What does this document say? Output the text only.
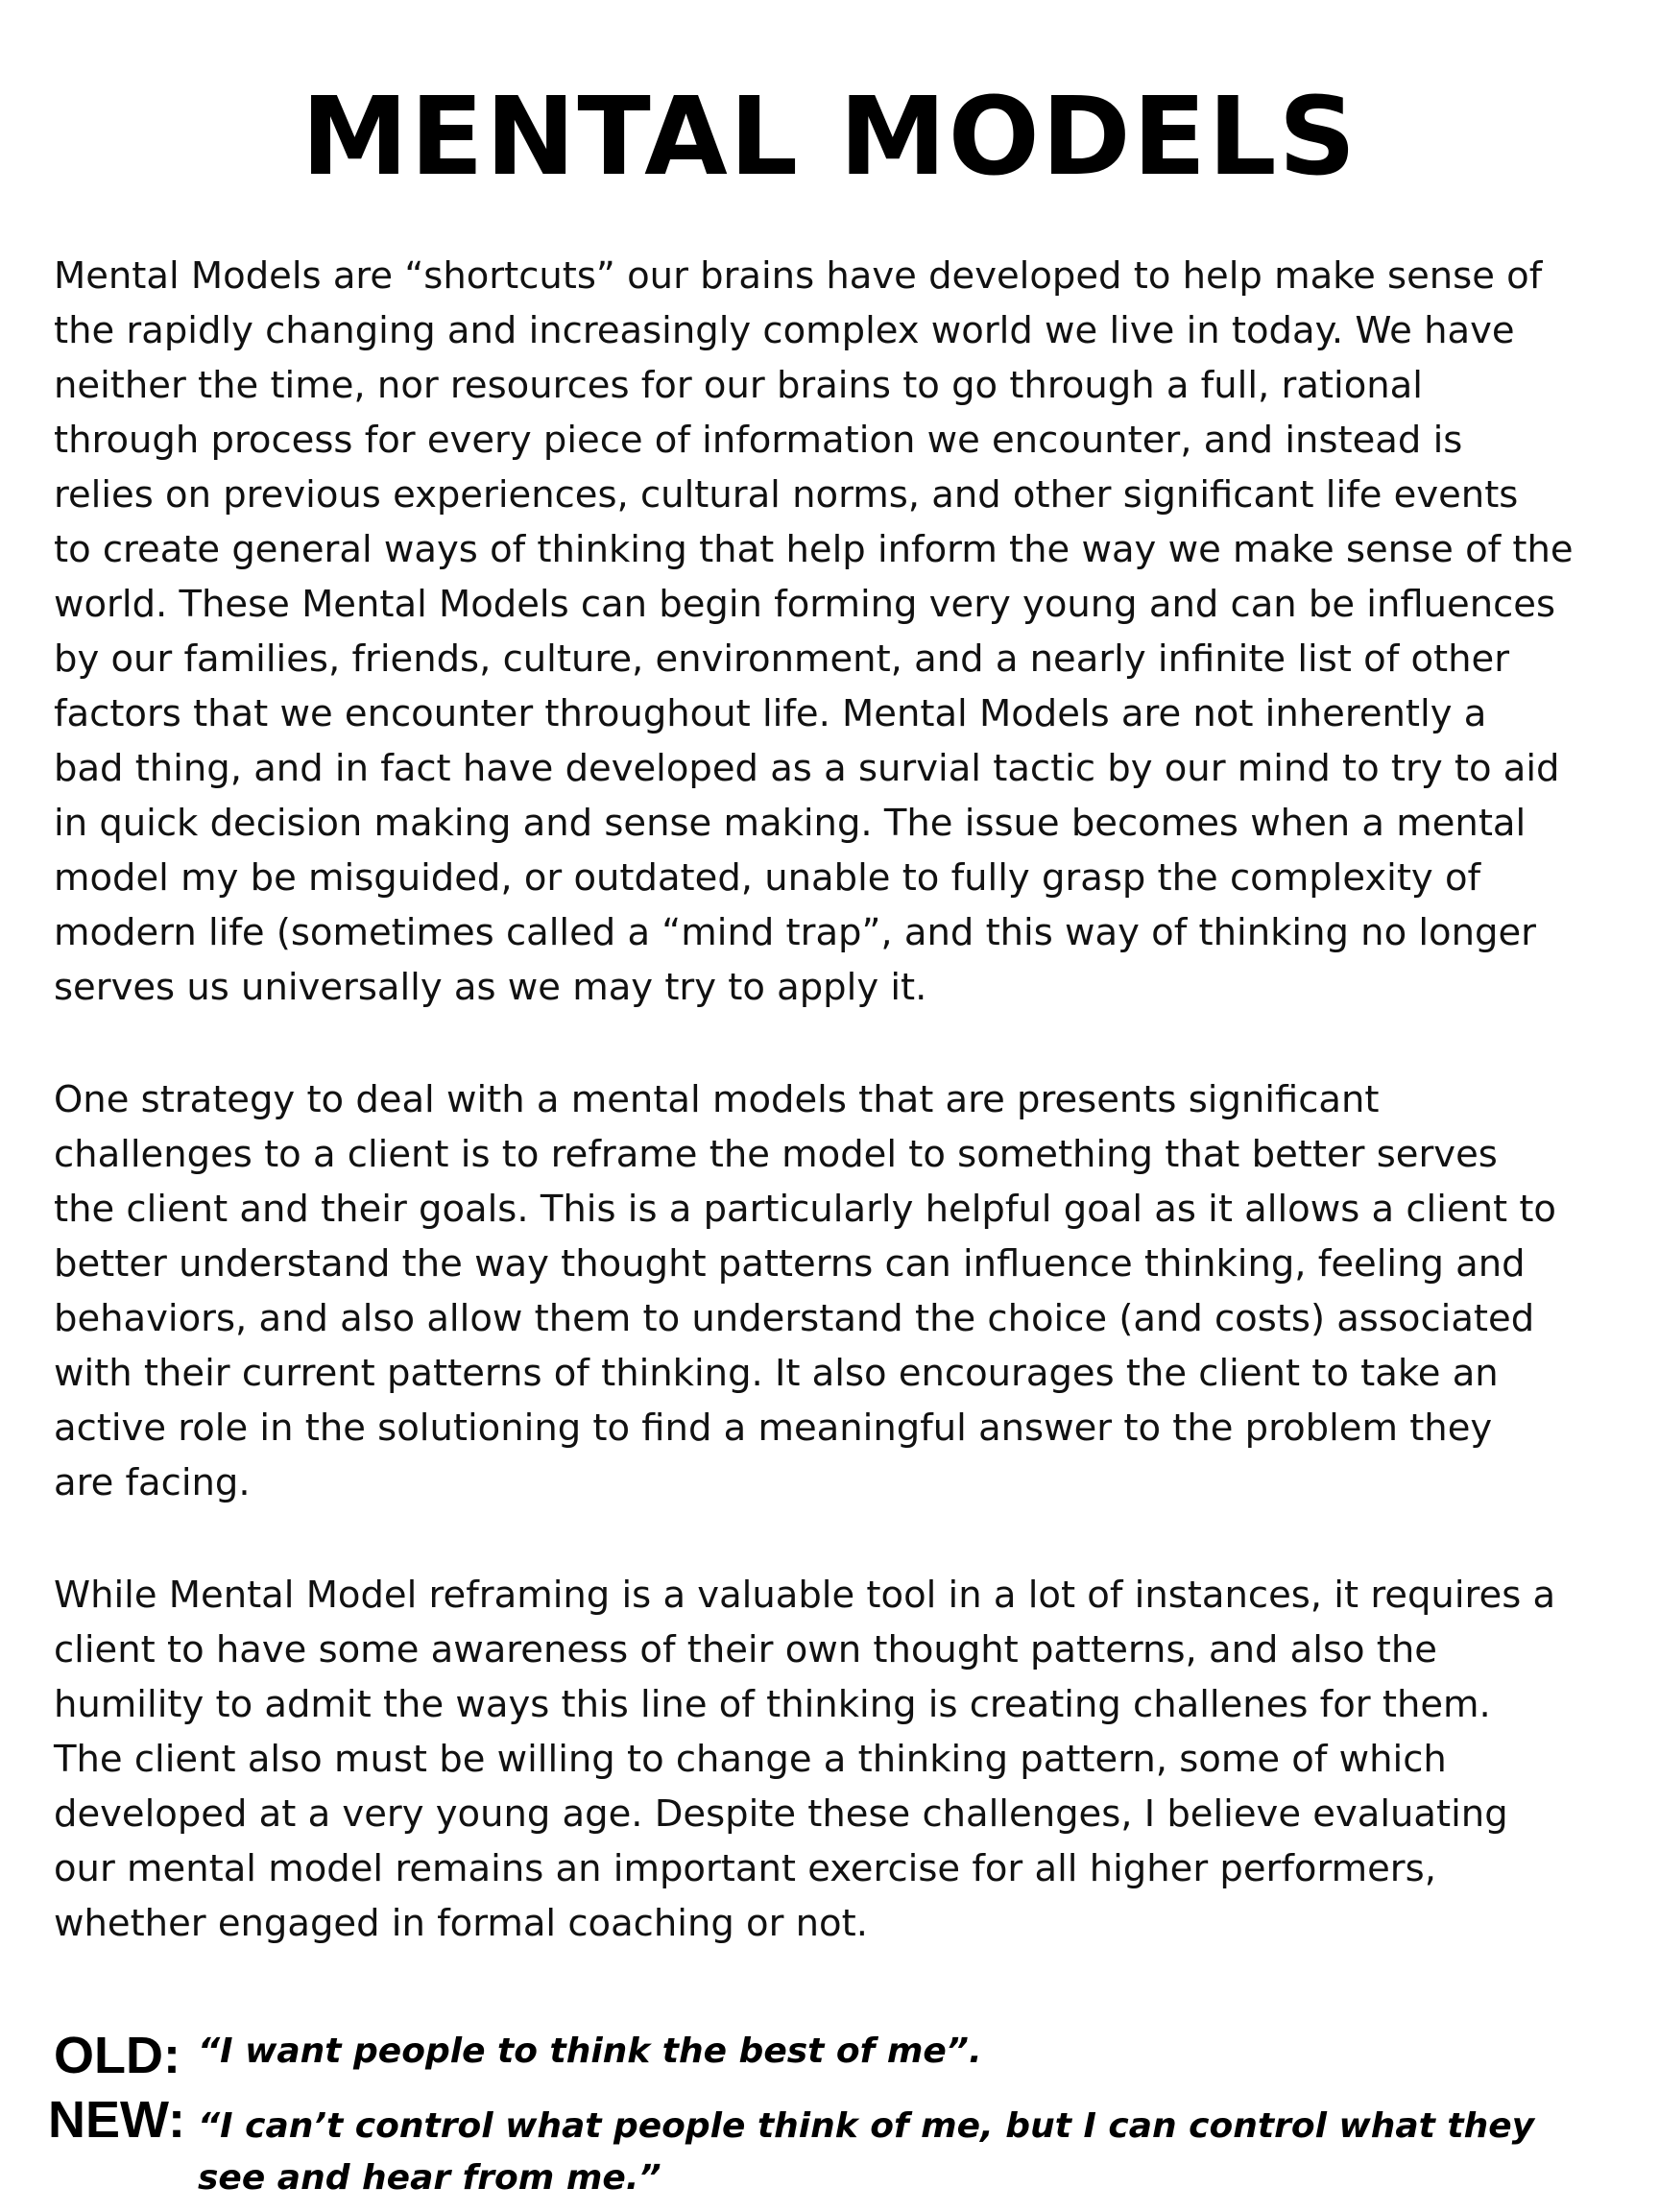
MENTAL MODELS

Mental Models are “shortcuts” our brains have developed to help make sense of
the rapidly changing and increasingly complex world we live in today. We have
neither the time, nor resources for our brains to go through a full, rational
through process for every piece of information we encounter, and instead is
relies on previous experiences, cultural norms, and other significant life events
to create general ways of thinking that help inform the way we make sense of the
world. These Mental Models can begin forming very young and can be influences
by our families, friends, culture, environment, and a nearly infinite list of other
factors that we encounter throughout life. Mental Models are not inherently a
bad thing, and in fact have developed as a survial tactic by our mind to try to aid
in quick decision making and sense making. The issue becomes when a mental
model my be misguided, or outdated, unable to fully grasp the complexity of
modern life (sometimes called a “mind trap”, and this way of thinking no longer
serves us universally as we may try to apply it.

One strategy to deal with a mental models that are presents significant
challenges to a client is to reframe the model to something that better serves
the client and their goals. This is a particularly helpful goal as it allows a client to
better understand the way thought patterns can influence thinking, feeling and
behaviors, and also allow them to understand the choice (and costs) associated
with their current patterns of thinking. It also encourages the client to take an
active role in the solutioning to find a meaningful answer to the problem they
are facing.

While Mental Model reframing is a valuable tool in a lot of instances, it requires a
client to have some awareness of their own thought patterns, and also the
humility to admit the ways this line of thinking is creating challenes for them.
The client also must be willing to change a thinking pattern, some of which
developed at a very young age. Despite these challenges, I believe evaluating
our mental model remains an important exercise for all higher performers,
whether engaged in formal coaching or not.

OLD: “I want people to think the best of me”.
NEW: “I can’t control what people think of me, but I can control what they
see and hear from me.”
